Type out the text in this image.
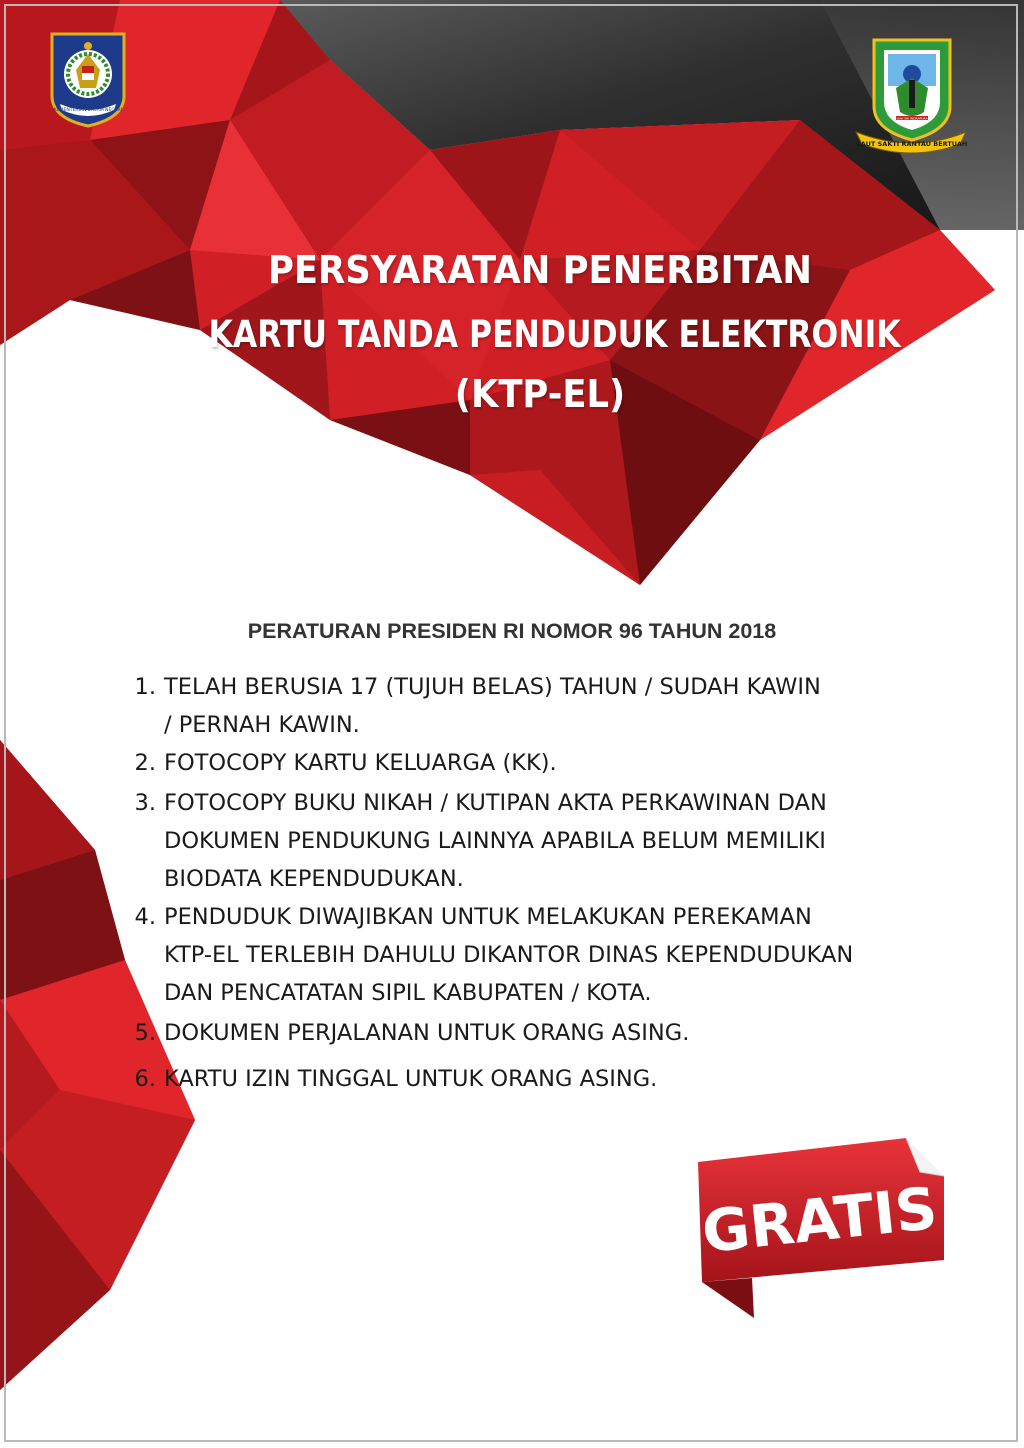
KEMENTERIAN DALAM NEGERI
SIAK SRI INDRAPURA
LAUT SAKTI RANTAU BERTUAH
PERSYARATAN PENERBITAN
KARTU TANDA PENDUDUK ELEKTRONIK
(KTP-EL)
PERATURAN PRESIDEN RI NOMOR 96 TAHUN 2018
1. TELAH BERUSIA 17 (TUJUH BELAS) TAHUN / SUDAH KAWIN
/ PERNAH KAWIN.
2. FOTOCOPY KARTU KELUARGA (KK).
3. FOTOCOPY BUKU NIKAH / KUTIPAN AKTA PERKAWINAN DAN
DOKUMEN PENDUKUNG LAINNYA APABILA BELUM MEMILIKI
BIODATA KEPENDUDUKAN.
4. PENDUDUK DIWAJIBKAN UNTUK MELAKUKAN PEREKAMAN
KTP-EL TERLEBIH DAHULU DIKANTOR DINAS KEPENDUDUKAN
DAN PENCATATAN SIPIL KABUPATEN / KOTA.
5. DOKUMEN PERJALANAN UNTUK ORANG ASING.
6. KARTU IZIN TINGGAL UNTUK ORANG ASING.
GRATIS
